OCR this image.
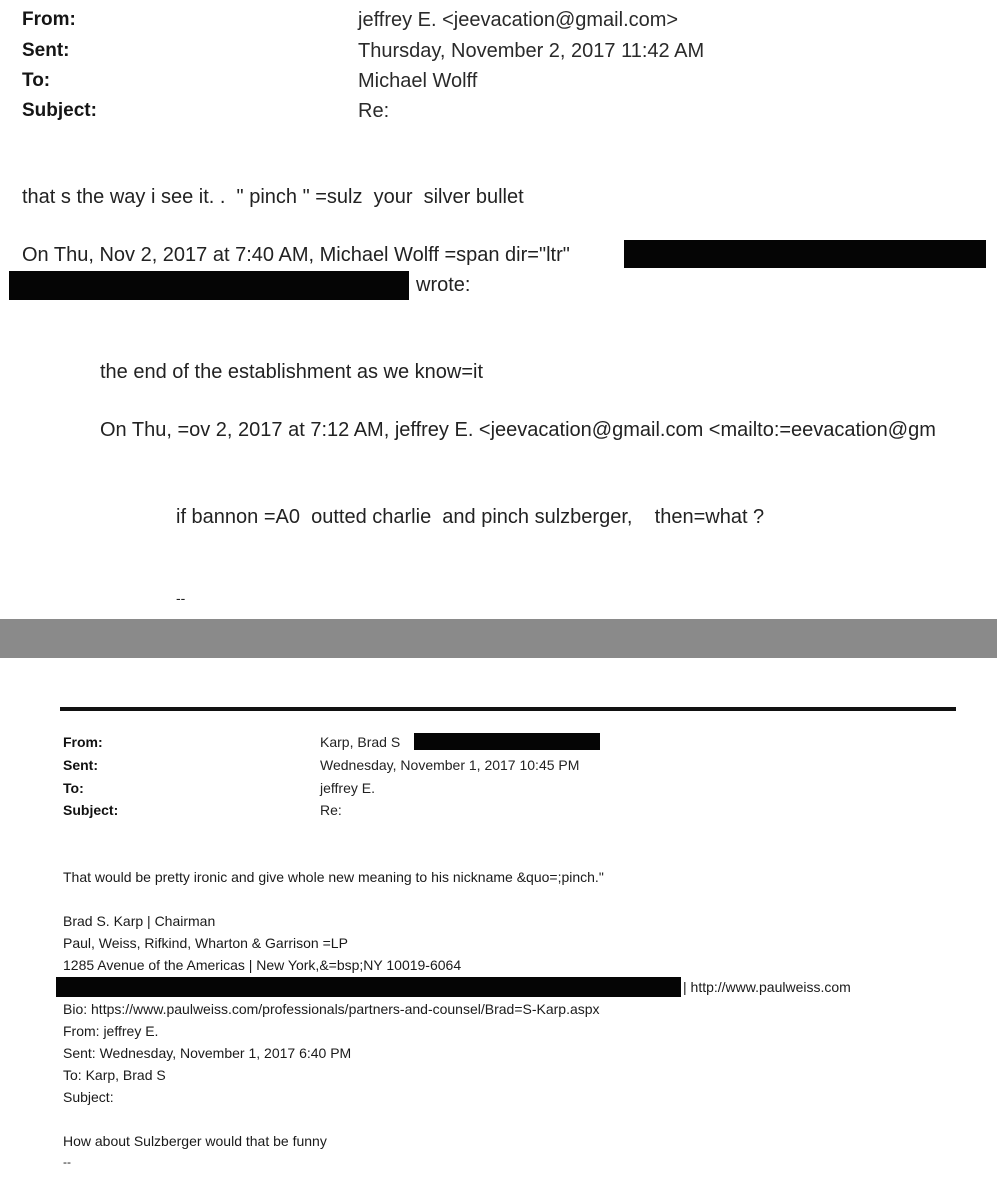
From:	jeffrey E. <jeevacation@gmail.com>
Sent:	Thursday, November 2, 2017 11:42 AM
To:	Michael Wolff
Subject:	Re:
that s the way i see it. .  " pinch " =sulz  your  silver bullet
On Thu, Nov 2, 2017 at 7:40 AM, Michael Wolff =span dir="ltr"
wrote:
the end of the establishment as we know=it
On Thu, =ov 2, 2017 at 7:12 AM, jeffrey E. <jeevacation@gmail.com <mailto:=eevacation@gm
if bannon =A0  outted charlie  and pinch sulzberger,    then=what ?
--
From:	Karp, Brad S
Sent:	Wednesday, November 1, 2017 10:45 PM
To:	jeffrey E.
Subject:	Re:
That would be pretty ironic and give whole new meaning to his nickname &quo=;pinch."
Brad S. Karp | Chairman
Paul, Weiss, Rifkind, Wharton & Garrison =LP
1285 Avenue of the Americas | New York,&=bsp;NY 10019-6064
| http://www.paulweiss.com
Bio: https://www.paulweiss.com/professionals/partners-and-counsel/Brad=S-Karp.aspx
From: jeffrey E.
Sent: Wednesday, November 1, 2017 6:40 PM
To: Karp, Brad S
Subject:
How about Sulzberger would that be funny
--
